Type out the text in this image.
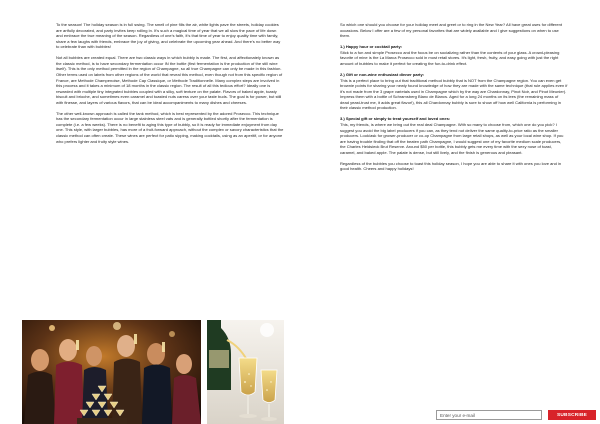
To the season! The holiday season is in full swing. The smell of pine fills the air, white lights pave the streets, holiday cookies are artfully decorated, and party invites keep rolling in. It’s such a magical time of year that we all slow the pace of life down and embrace the true meaning of the season. Regardless of one’s faith, it’s that time of year to enjoy quality time with family, share a few laughs with friends, embrace the joy of giving, and celebrate the upcoming year ahead. And there’s no better way to celebrate than with bubbles!

Not all bubbles are created equal. There are two classic ways in which bubbly is made. The first, and affectionately known as the classic method, is to have secondary fermentation occur IN the bottle (first fermentation is the production of the still wine itself). This is the only method permitted in the region of Champagne, so all true Champagne can only be made in this fashion. Other terms used on labels from other regions of the world that reveal this method, even though not from this specific region of France, are Methode Champenoise, Methode Cap Classique, or Methode Traditionnelle. Many complex steps are involved in this process and it takes a minimum of 18 months in the classic region. The result of all this tedious effort? Ideally one is rewarded with multiple tiny integrated bubbles coupled with a silky, soft texture on the palate. Flavors of baked apple, toasty biscuit and brioche, and sometimes even caramel and toasted nuts caress over your taste buds. The goal is for power, but still with finesse, and layers of various flavors, that can be ideal accompaniments to many dishes and cheeses.

The other well-known approach is called the tank method, which is best represented by the adored Prosecco. This technique has the secondary fermentation occur in large stainless steel vats and is generally bottled shortly after the fermentation is complete (i.e. a few weeks). There is no benefit to aging this type of bubbly, so it is ready for immediate enjoyment from day one. This style, with larger bubbles, has more of a fruit-forward approach, without the complex or savory characteristics that the classic method can often create. These wines are perfect for patio sipping, making cocktails, using as an aperitif, or for anyone who prefers lighter and fruity style wines.

So which one should you choose for your holiday meet and greet or to ring in the New Year? All have great uses for different occasions. Below I offer are a few of my personal favorites that are widely available and I give suggestions on when to use them.

1.) Happy hour or cocktail party:

Stick to a fun and simple Prosecco and the focus be on socializing rather than the contents of your glass. A crowd-pleasing favorite of mine is the La Marca Prosecco sold in most retail stores. It’s light, fresh, fruity, and easy going with just the right amount of bubbles to make it perfect for creating the fun-to-drink effect.

2.) Gift or non-wine enthusiast dinner party:

This is a perfect place to bring out that traditional method bubbly that is NOT from the Champagne region. You can even get brownie points for sharing your newly found knowledge of how they are made with the same technique (that rule applies even if it’s not made from the 3 grape varietals used in Champagne which by the way are Chardonnay, Pinot Noir, and Pinot Meunier). Impress them with a bottle of Schramsberg Blanc de Blancs. Aged for a long 24 months on its lees (the remaining mass of dead yeast-trust me, it adds great flavor!), this all Chardonnay bubbly is sure to show off how well California is performing in their classic method production.

3.) Special gift or simply to treat yourself and loved ones:

This, my friends, is where we bring out the real deal Champagne. With so many to choose from, which one do you pick? I suggest you avoid the big label producers if you can, as they tend not deliver the same quality-to-price ratio as the smaller producers. Look/ask for grower-producer or co-op Champagne from large retail shops, as well as your local wine shop. If you are having trouble finding that off the beaten path Champagne, I would suggest one of my favorite medium scale producers, the Charles Heidsieck Brut Reserve. Around $50 per bottle, this bubbly gets me every time with the sexy nose of toast, caramel, and baked apple. The palate is dense, but still lively, and the finish is generous and pleasant.

Regardless of the bubbles you choose to toast this holiday season, I hope you are able to share it with ones you love and in good health. Cheers and happy holidays!

Enter your e-mail
SUBSCRIBE
